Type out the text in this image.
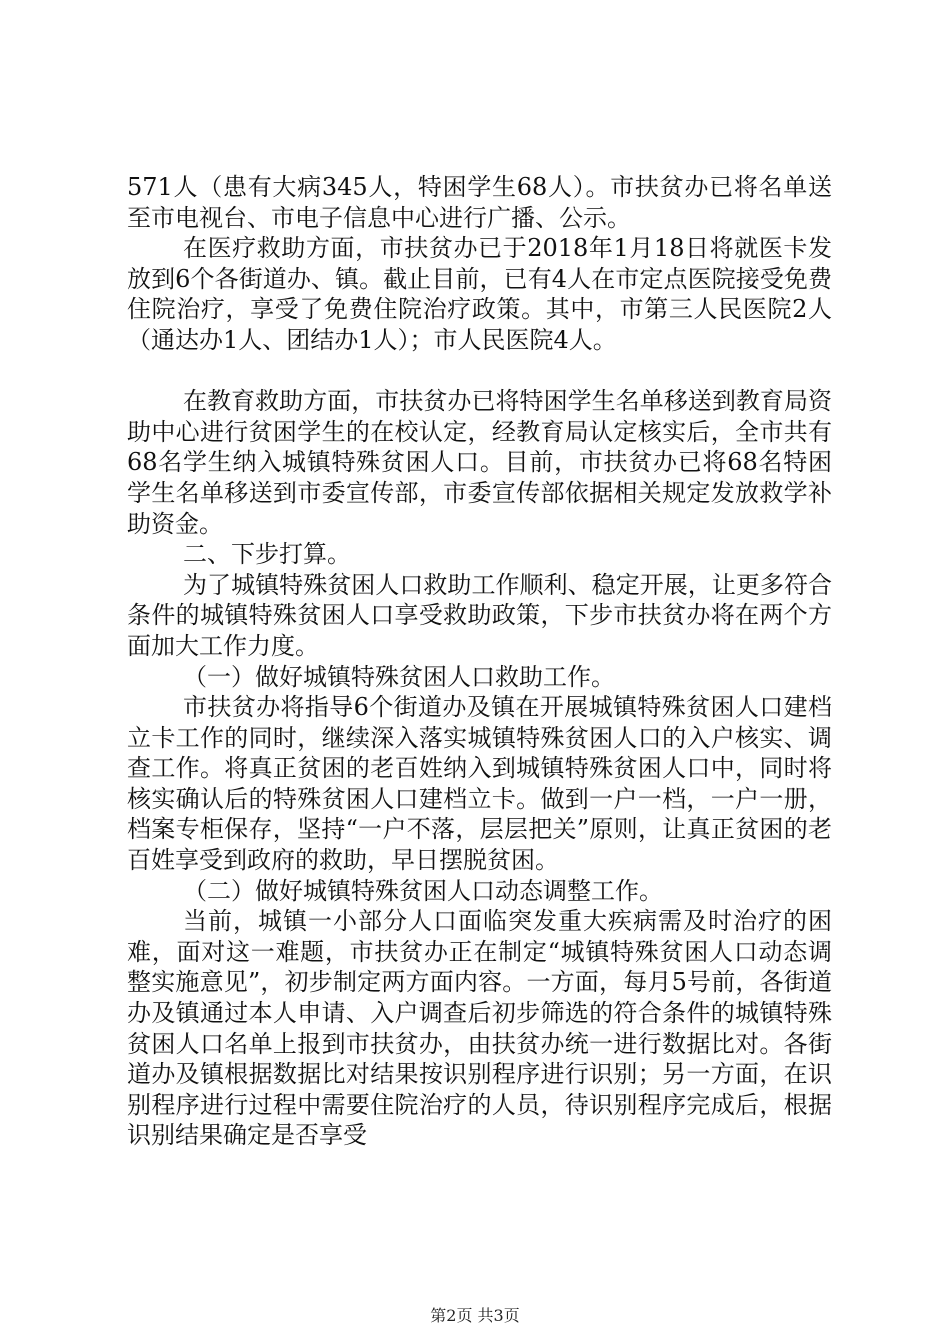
571人（患有大病345人，特困学生68人）。市扶贫办已将名单送至市电视台、市电子信息中心进行广播、公示。

在医疗救助方面，市扶贫办已于2018年1月18日将就医卡发放到6个各街道办、镇。截止目前，已有4人在市定点医院接受免费住院治疗，享受了免费住院治疗政策。其中，市第三人民医院2人（通达办1人、团结办1人）；市人民医院4人。

在教育救助方面，市扶贫办已将特困学生名单移送到教育局资助中心进行贫困学生的在校认定，经教育局认定核实后，全市共有68名学生纳入城镇特殊贫困人口。目前，市扶贫办已将68名特困学生名单移送到市委宣传部，市委宣传部依据相关规定发放救学补助资金。

二、下步打算。

为了城镇特殊贫困人口救助工作顺利、稳定开展，让更多符合条件的城镇特殊贫困人口享受救助政策，下步市扶贫办将在两个方面加大工作力度。

（一）做好城镇特殊贫困人口救助工作。

市扶贫办将指导6个街道办及镇在开展城镇特殊贫困人口建档立卡工作的同时，继续深入落实城镇特殊贫困人口的入户核实、调查工作。将真正贫困的老百姓纳入到城镇特殊贫困人口中，同时将核实确认后的特殊贫困人口建档立卡。做到一户一档，一户一册，档案专柜保存，坚持“一户不落，层层把关”原则，让真正贫困的老百姓享受到政府的救助，早日摆脱贫困。

（二）做好城镇特殊贫困人口动态调整工作。

当前，城镇一小部分人口面临突发重大疾病需及时治疗的困难，面对这一难题，市扶贫办正在制定“城镇特殊贫困人口动态调整实施意见”，初步制定两方面内容。一方面，每月5号前，各街道办及镇通过本人申请、入户调查后初步筛选的符合条件的城镇特殊贫困人口名单上报到市扶贫办，由扶贫办统一进行数据比对。各街道办及镇根据数据比对结果按识别程序进行识别；另一方面，在识别程序进行过程中需要住院治疗的人员，待识别程序完成后，根据识别结果确定是否享受

第2页 共3页
